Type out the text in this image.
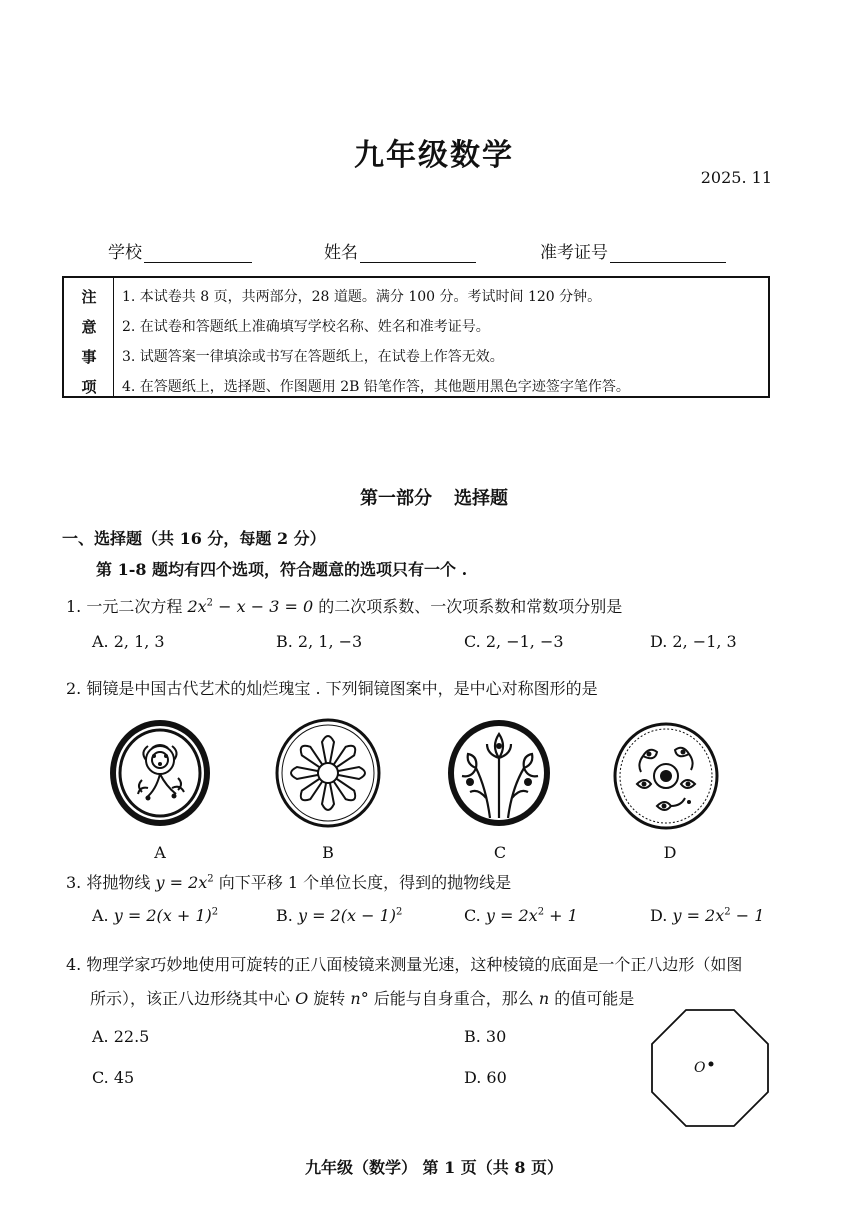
九年级数学
2025. 11
学校	姓名	准考证号
注
意
事
项
1. 本试卷共 8 页，共两部分，28 道题。满分 100 分。考试时间 120 分钟。
2. 在试卷和答题纸上准确填写学校名称、姓名和准考证号。
3. 试题答案一律填涂或书写在答题纸上，在试卷上作答无效。
4. 在答题纸上，选择题、作图题用 2B 铅笔作答，其他题用黑色字迹签字笔作答。
第一部分 选择题
一、选择题（共 16 分，每题 2 分）
第 1-8 题均有四个选项，符合题意的选项只有一个 .
1. 一元二次方程 $2x^2 - x - 3 = 0$ 的二次项系数、一次项系数和常数项分别是
A. 2, 1, 3	B. 2, 1, −3	C. 2, −1, −3	D. 2, −1, 3
2. 铜镜是中国古代艺术的灿烂瑰宝 . 下列铜镜图案中，是中心对称图形的是
A	B	C	D
3. 将抛物线 $y = 2x^2$ 向下平移 1 个单位长度，得到的抛物线是
A. $y = 2(x + 1)^2$	B. $y = 2(x - 1)^2$	C. $y = 2x^2 + 1$	D. $y = 2x^2 - 1$
4. 物理学家巧妙地使用可旋转的正八面棱镜来测量光速，这种棱镜的底面是一个正八边形（如图
所示），该正八边形绕其中心 O 旋转 n° 后能与自身重合，那么 n 的值可能是
A. 22.5	B. 30
C. 45	D. 60	O
九年级（数学） 第 1 页（共 8 页）
